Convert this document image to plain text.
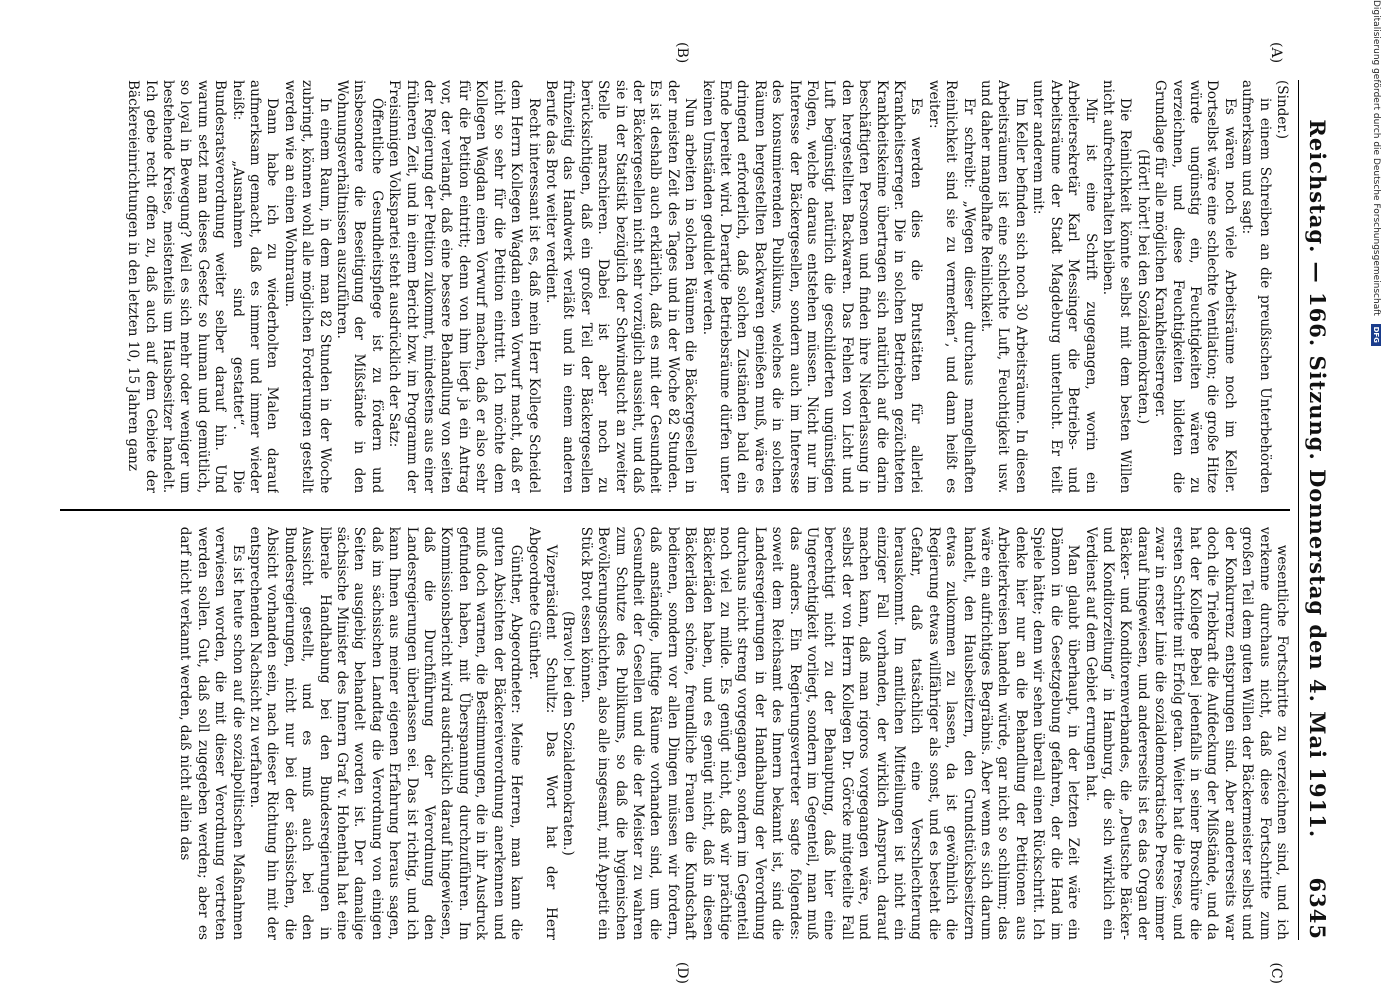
Reichstag. — 166. Sitzung. Donnerstag den 4. Mai 1911.
6345
(A)
(B)
(C)
(D)

(Sinder.)

in einem Schreiben an die preußischen Unterbehörden aufmerksam und sagt:

Es wären noch viele Arbeitsräume noch im Keller. Dortselbst wäre eine schlechte Ventilation; die große Hitze würde ungünstig ein, Feuchtigkeiten wären zu verzeichnen, und diese Feuchtigkeiten bildeten die Grundlage für alle möglichen Krankheitserreger.

(Hört! hört! bei den Sozialdemokraten.)

Die Reinlichkeit könnte selbst mit dem besten Willen nicht aufrechterhalten bleiben.

Mir ist eine Schrift zugegangen, worin ein Arbeitersekretär Karl Messinger die Betriebs- und Arbeitsräume der Stadt Magdeburg unterlucht. Er teilt unter anderem mit:

Im Keller befinden sich noch 30 Arbeitsräume. In diesen Arbeitsräumen ist eine schlechte Luft, Feuchtigkeit usw. und daher mangelhafte Reinlichkeit.

Er schreibt: „Wegen dieser durchaus mangelhaften Reinlichkeit sind sie zu vermerken“, und dann heißt es weiter:

Es werden dies die Brutstätten für allerlei Krankheitserreger. Die in solchen Betrieben gezüchteten Krankheitskeime übertragen sich natürlich auf die darin beschäftigten Personen und finden ihre Niederlassung in den hergestellten Backwaren. Das Fehlen von Licht und Luft begünstigt natürlich die geschilderten ungünstigen Folgen, welche daraus entstehen müssen. Nicht nur im Interesse der Bäckergesellen, sondern auch im Interesse des konsumierenden Publikums, welches die in solchen Räumen hergestellten Backwaren genießen muß, wäre es dringend erforderlich, daß solchen Zuständen bald ein Ende bereitet wird. Derartige Betriebsräume dürfen unter keinen Umständen geduldet werden.

Nun arbeiten in solchen Räumen die Bäckergesellen in der meisten Zeit des Tages und in der Woche 82 Stunden. Es ist deshalb auch erklärlich, daß es mit der Gesundheit der Bäckergesellen nicht sehr vorzüglich aussieht, und daß sie in der Statistik bezüglich der Schwindsucht an zweiter Stelle marschieren. Dabei ist aber noch zu berücksichtigen, daß ein großer Teil der Bäckergesellen frühzeitig das Handwerk verläßt und in einem anderen Berufe das Brot weiter verdient.

Recht interessant ist es, daß mein Herr Kollege Scheidel dem Herrn Kollegen Wagdan einen Vorwurf macht, daß er nicht so sehr für die Petition eintritt. Ich möchte dem Kollegen Wagdan einen Vorwurf machen, daß er also sehr für die Petition eintritt; denn von ihm liegt ja ein Antrag vor, der verlangt, daß eine bessere Behandlung von seiten der Regierung der Petition zukommt, mindestens aus einer früheren Zeit, und in einem Bericht bzw. im Programm der Freisinnigen Volkspartei steht ausdrücklich der Satz:

Öffentliche Gesundheitspflege ist zu fördern und insbesondere die Beseitigung der Mißstände in den Wohnungsverhältnissen auszuführen.

In einem Raum, in dem man 82 Stunden in der Woche zubringt, können wohl alle möglichen Forderungen gestellt werden wie an einen Wohnraum.

Dann habe ich zu wiederholten Malen darauf aufmerksam gemacht, daß es immer und immer wieder heißt: „Ausnahmen sind gestattet“. Die Bundesratsverordnung weiter selber darauf hin. Und warum setzt man dieses Gesetz so human und gemütlich, so loyal in Bewegung? Weil es sich mehr oder weniger um bestehende Kreise, meistenteils um Hausbesitzer handelt. Ich gebe recht offen zu, daß auch auf dem Gebiete der Bäckereieinrichtungen in den letzten 10, 15 Jahren ganz

wesentliche Fortschritte zu verzeichnen sind, und ich verkenne durchaus nicht, daß diese Fortschritte zum großen Teil dem guten Willen der Bäckermeister selbst und der Konkurrenz entsprungen sind. Aber andererseits war doch die Triebkraft die Aufdeckung der Mißstände, und da hat der Kollege Bebel jedenfalls in seiner Broschüre die ersten Schritte mit Erfolg getan. Weiter hat die Presse, und zwar in erster Linie die sozialdemokratische Presse immer darauf hingewiesen, und andererseits ist es das Organ der Bäcker- und Konditorenverbandes, die „Deutsche Bäcker- und Konditorzeitung“ in Hamburg, die sich wirklich ein Verdienst auf dem Gebiet errungen hat.

Man glaubt überhaupt, in der letzten Zeit wäre ein Dämon in die Gesetzgebung gefahren, der die Hand im Spiele hätte; denn wir sehen überall einen Rückschritt. Ich denke hier nur an die Behandlung der Petitionen aus Arbeiterkreisen handeln würde, gar nicht so schlimm; das wäre ein aufrichtiges Begräbnis. Aber wenn es sich darum handelt, den Hausbesitzern, den Grundstücksbesitzern etwas zukommen zu lassen, da ist gewöhnlich die Regierung etwas willfähriger als sonst, und es besteht die Gefahr, daß tatsächlich eine Verschlechterung herauskommt. Im amtlichen Mitteilungen ist nicht ein einziger Fall vorhanden, der wirklich Anspruch darauf machen kann, daß man rigoros vorgegangen wäre, und selbst der von Herrn Kollegen Dr. Görcke mitgeteilte Fall berechtigt nicht zu der Behauptung, daß hier eine Ungerechtigkeit vorliegt, sondern im Gegenteil, man muß das anders. Ein Regierungsvertreter sagte folgendes: soweit dem Reichsamt des Innern bekannt ist, sind die Landesregierungen in der Handhabung der Verordnung durchaus nicht streng vorgegangen, sondern im Gegenteil noch viel zu milde. Es genügt nicht, daß wir prächtige Bäckerläden haben, und es genügt nicht, daß in diesen Bäckerläden schöne, freundliche Frauen die Kundschaft bedienen, sondern vor allen Dingen müssen wir fordern, daß anständige, luftige Räume vorhanden sind, um die Gesundheit der Gesellen und die der Meister zu wahren zum Schutze des Publikums, so daß die hygienischen Bevölkerungsschichten, also alle insgesamt, mit Appetit ein Stück Brot essen können.

(Bravo! bei den Sozialdemokraten.)

Vizepräsident Schultz: Das Wort hat der Herr Abgeordnete Günther.

Günther, Abgeordneter: Meine Herren, man kann die guten Absichten der Bäckereiverordnung anerkennen und muß doch warnen, die Bestimmungen, die in ihr Ausdruck gefunden haben, mit Überspannung durchzuführen. Im Kommissionsbericht wird ausdrücklich darauf hingewiesen, daß die Durchführung der Verordnung den Landesregierungen überlassen sei. Das ist richtig, und ich kann Ihnen aus meiner eigenen Erfahrung heraus sagen, daß im sächsischen Landtag die Verordnung von einigen Seiten ausgiebig behandelt worden ist. Der damalige sächsische Minister des Innern Graf v. Hohenthal hat eine liberale Handhabung bei den Bundesregierungen in Aussicht gestellt, und es muß auch bei den Bundesregierungen, nicht nur bei der sächsischen, die Absicht vorhanden sein, nach dieser Richtung hin mit der entsprechenden Nachsicht zu verfahren.

Es ist heute schon auf die sozialpolitischen Maßnahmen verwiesen worden, die mit dieser Verordnung vertreten werden sollen. Gut, daß soll zugegeben werden; aber es darf nicht verkannt werden, daß nicht allein das

Digitalisierung gefördert durch die Deutsche Forschungsgemeinschaft
DFG
